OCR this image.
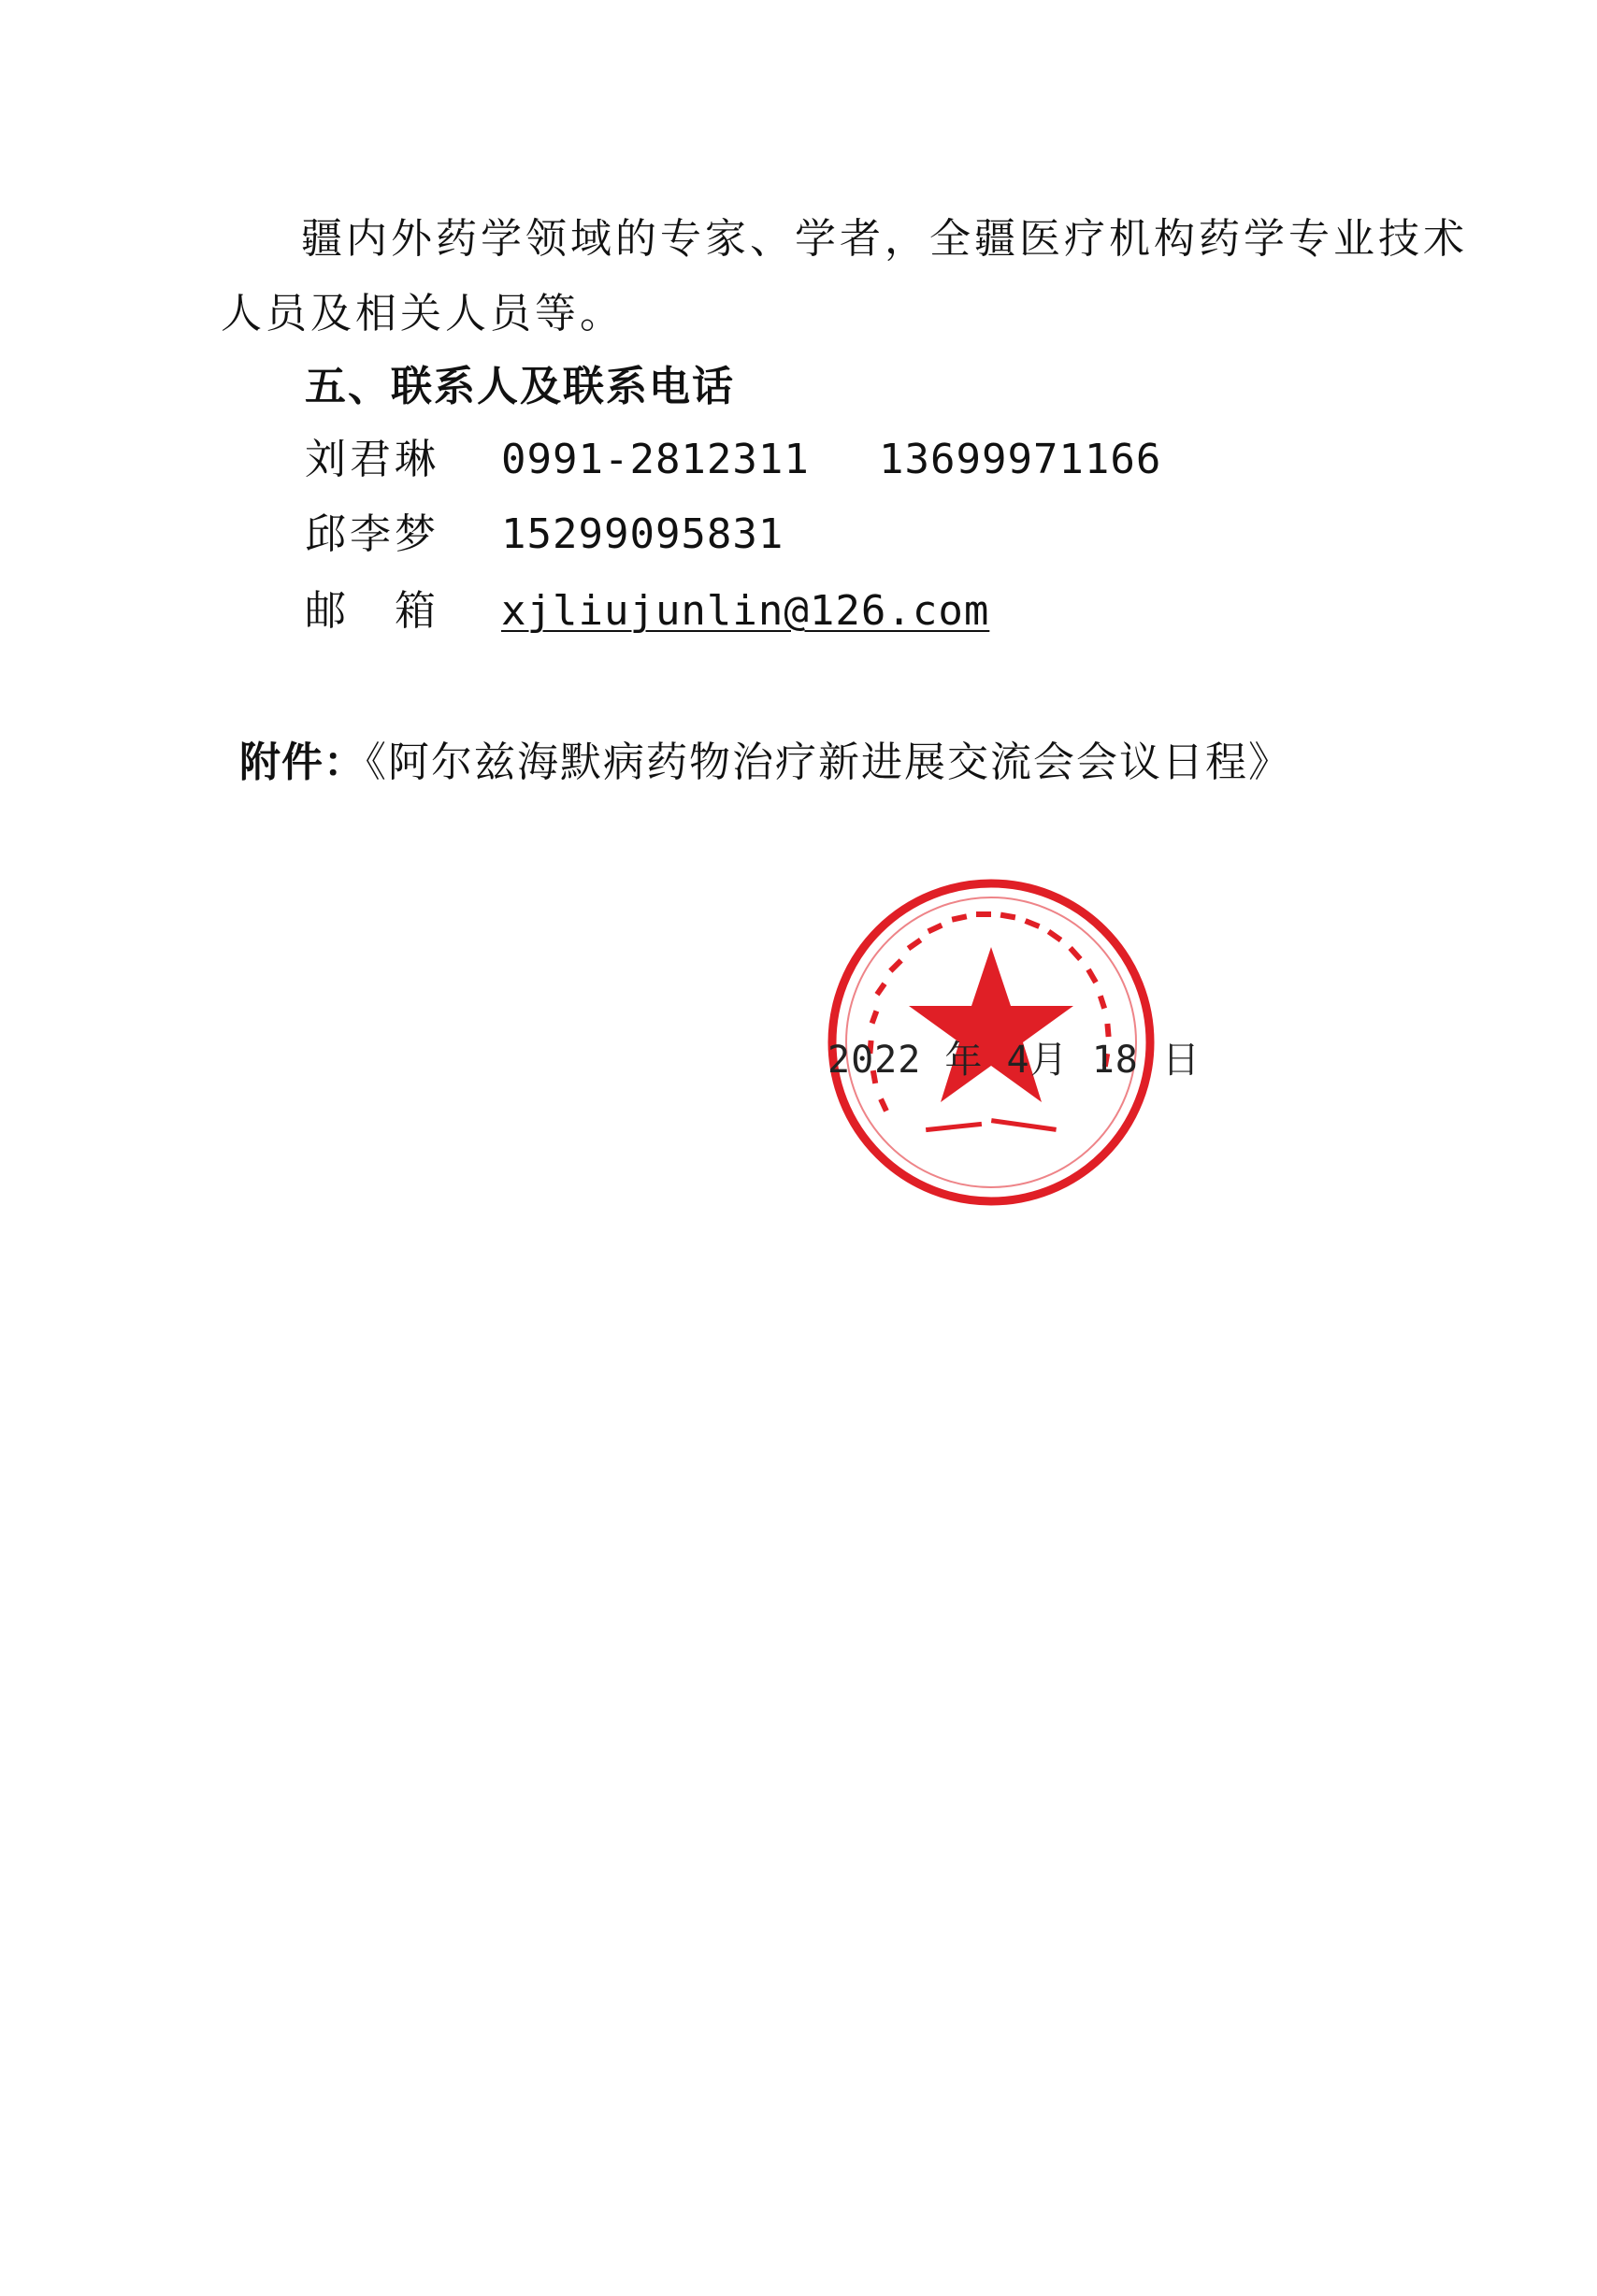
疆内外药学领域的专家、学者，全疆医疗机构药学专业技术
人员及相关人员等。
五、联系人及联系电话
刘君琳 0991-2812311 13699971166
邱李梦 15299095831
邮　箱 xjliujunlin@126.com
附件：《阿尔兹海默病药物治疗新进展交流会会议日程》
2022 年 4月 18 日
